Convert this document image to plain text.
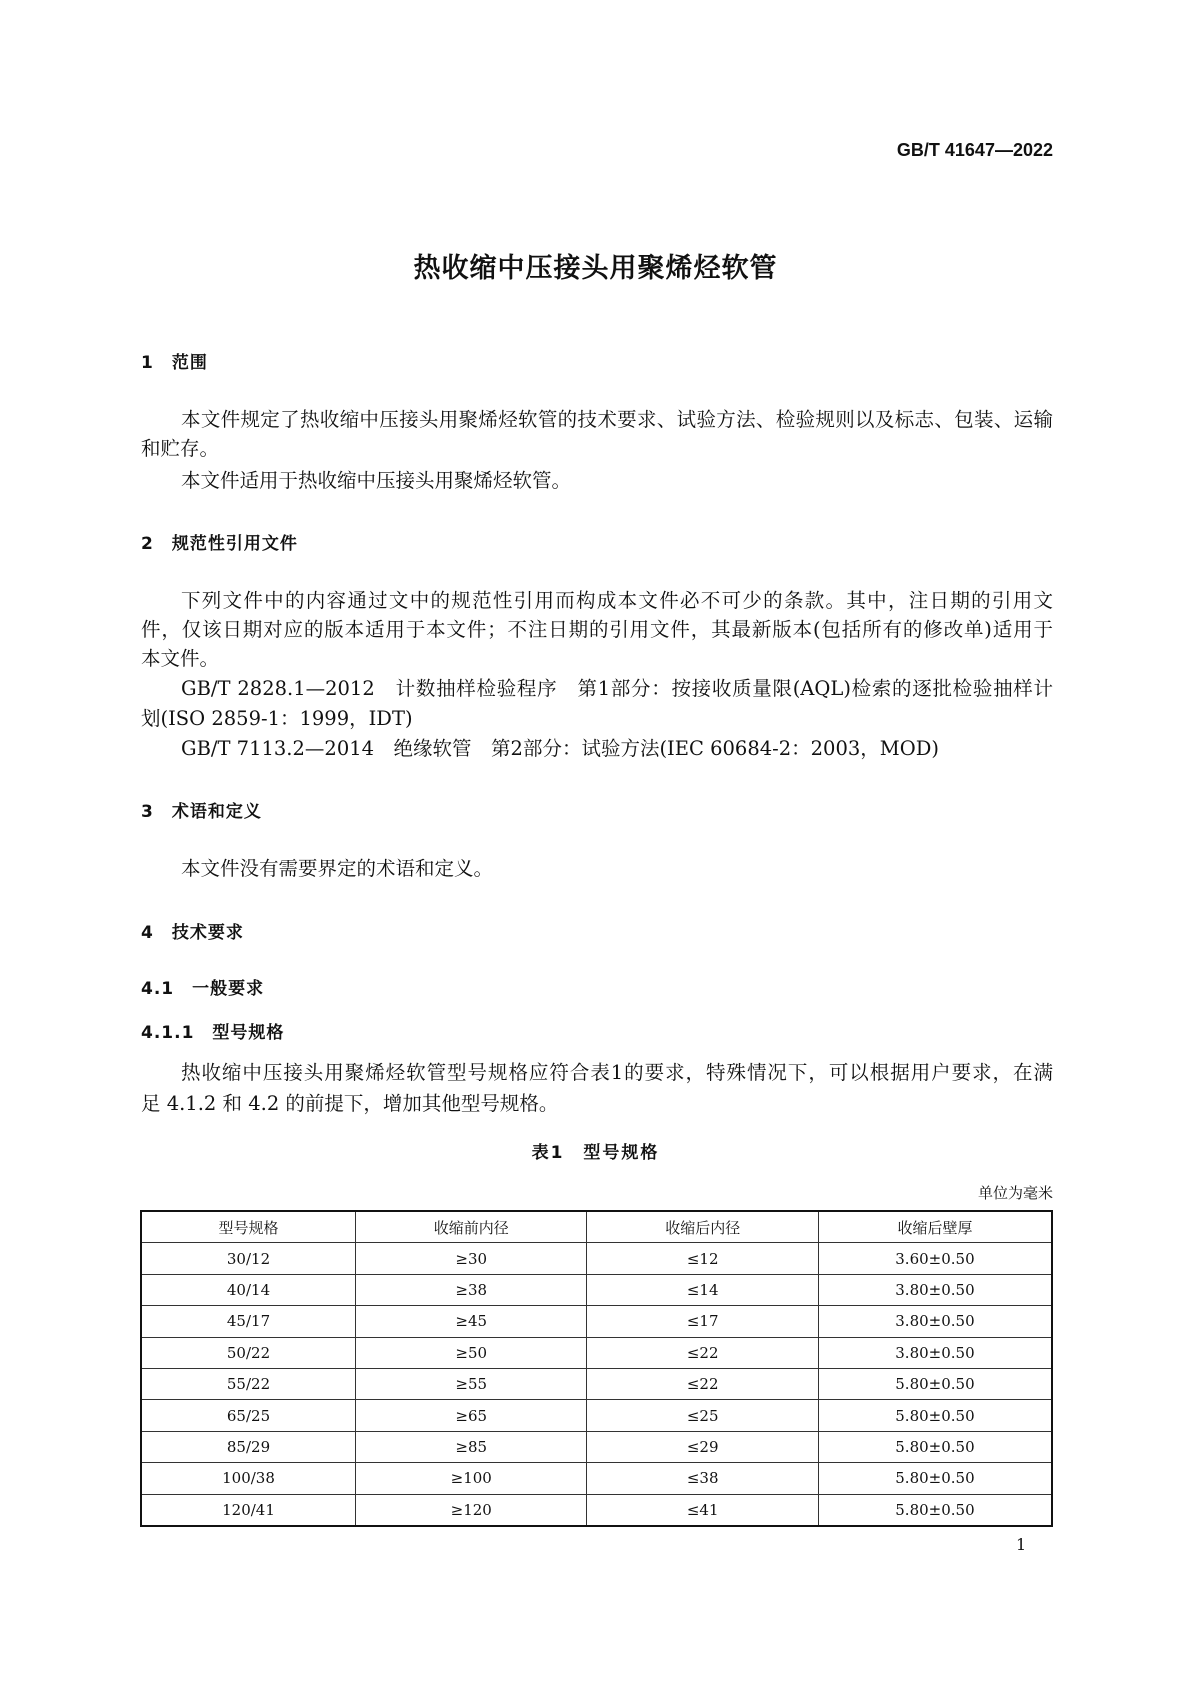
GB/T 41647—2022
热收缩中压接头用聚烯烃软管
1 范围
本文件规定了热收缩中压接头用聚烯烃软管的技术要求、试验方法、检验规则以及标志、包装、运输
和贮存。
本文件适用于热收缩中压接头用聚烯烃软管。
2 规范性引用文件
下列文件中的内容通过文中的规范性引用而构成本文件必不可少的条款。其中，注日期的引用文
件，仅该日期对应的版本适用于本文件；不注日期的引用文件，其最新版本(包括所有的修改单)适用于
本文件。
GB/T 2828.1—2012　计数抽样检验程序　第1部分：按接收质量限(AQL)检索的逐批检验抽样计
划(ISO 2859-1：1999，IDT)
GB/T 7113.2—2014　绝缘软管　第2部分：试验方法(IEC 60684-2：2003，MOD)
3 术语和定义
本文件没有需要界定的术语和定义。
4 技术要求
4.1 一般要求
4.1.1 型号规格
热收缩中压接头用聚烯烃软管型号规格应符合表1的要求，特殊情况下，可以根据用户要求，在满
足 4.1.2 和 4.2 的前提下，增加其他型号规格。
表1　型号规格
单位为毫米
型号规格	收缩前内径	收缩后内径	收缩后壁厚
30/12	≥30	≤12	3.60±0.50
40/14	≥38	≤14	3.80±0.50
45/17	≥45	≤17	3.80±0.50
50/22	≥50	≤22	3.80±0.50
55/22	≥55	≤22	5.80±0.50
65/25	≥65	≤25	5.80±0.50
85/29	≥85	≤29	5.80±0.50
100/38	≥100	≤38	5.80±0.50
120/41	≥120	≤41	5.80±0.50
1
